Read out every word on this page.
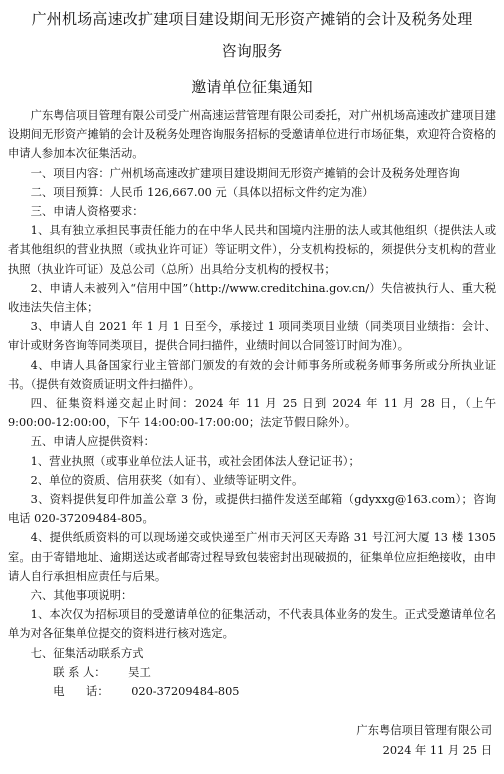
广州机场高速改扩建项目建设期间无形资产摊销的会计及税务处理
咨询服务
邀请单位征集通知

广东粤信项目管理有限公司受广州高速运营管理有限公司委托，对广州机场高速改扩建项目建设期间无形资产摊销的会计及税务处理咨询服务招标的受邀请单位进行市场征集，欢迎符合资格的申请人参加本次征集活动。

一、项目内容：广州机场高速改扩建项目建设期间无形资产摊销的会计及税务处理咨询

二、项目预算：人民币 126,667.00 元（具体以招标文件约定为准）

三、申请人资格要求：

1、具有独立承担民事责任能力的在中华人民共和国境内注册的法人或其他组织（提供法人或者其他组织的营业执照（或执业许可证）等证明文件），分支机构投标的，须提供分支机构的营业执照（执业许可证）及总公司（总所）出具给分支机构的授权书；

2、申请人未被列入“信用中国”（http://www.creditchina.gov.cn/）失信被执行人、重大税收违法失信主体；

3、申请人自 2021 年 1 月 1 日至今，承接过 1 项同类项目业绩（同类项目业绩指：会计、审计或财务咨询等同类项目，提供合同扫描件，业绩时间以合同签订时间为准）。

4、申请人具备国家行业主管部门颁发的有效的会计师事务所或税务师事务所或分所执业证书。（提供有效资质证明文件扫描件）。

四、征集资料递交起止时间：2024 年 11 月 25 日到 2024 年 11 月 28 日，（上午 9:00:00-12:00:00，下午 14:00:00-17:00:00；法定节假日除外）。

五、申请人应提供资料：

1、营业执照（或事业单位法人证书，或社会团体法人登记证书）；

2、单位的资质、信用获奖（如有）、业绩等证明文件。

3、资料提供复印件加盖公章 3 份，或提供扫描件发送至邮箱（gdyxxg@163.com）；咨询电话 020-37209484-805。

4、提供纸质资料的可以现场递交或快递至广州市天河区天寿路 31 号江河大厦 13 楼 1305 室。由于寄错地址、逾期送达或者邮寄过程导致包装密封出现破损的，征集单位应拒绝接收，由申请人自行承担相应责任与后果。

六、其他事项说明：

1、本次仅为招标项目的受邀请单位的征集活动，不代表具体业务的发生。正式受邀请单位名单为对各征集单位提交的资料进行核对选定。

七、征集活动联系方式

联 系 人： 吴工

电      话： 020-37209484-805

广东粤信项目管理有限公司

2024 年 11 月 25 日
